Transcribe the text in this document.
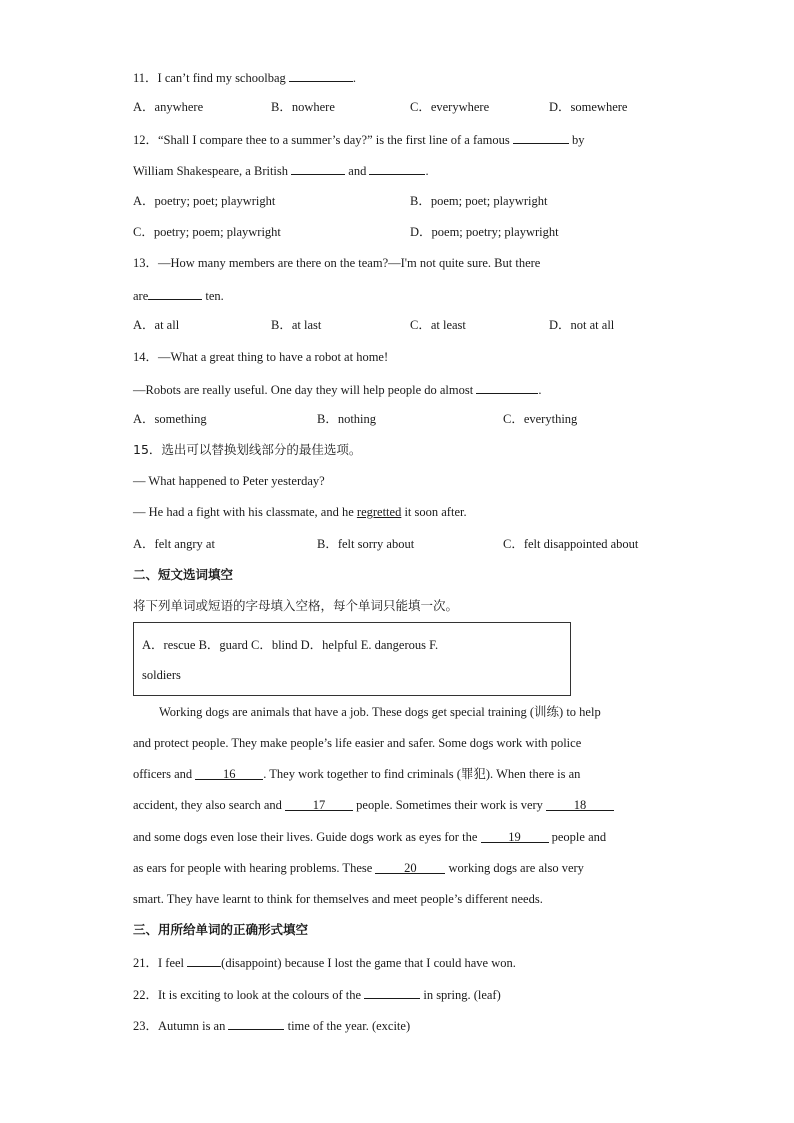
11．I can’t find my schoolbag	.
A．anywhere	B．nowhere	C．everywhere	D．somewhere
12．“Shall I compare thee to a summer’s day?” is the first line of a famous	by
William Shakespeare, a British	and	.
A．poetry; poet; playwright	B．poem; poet; playwright
C．poetry; poem; playwright	D．poem; poetry; playwright
13．—How many members are there on the team?—I'm not quite sure. But there
are	ten.
A．at all	B．at last	C．at least	D．not at all
14．—What a great thing to have a robot at home!
—Robots are really useful. One day they will help people do almost	.
A．something	B．nothing	C．everything
15．选出可以替换划线部分的最佳选项。
— What happened to Peter yesterday?
— He had a fight with his classmate, and he regretted it soon after.
A．felt angry at	B．felt sorry about	C．felt disappointed about
二、短文选词填空
将下列单词或短语的字母填入空格，每个单词只能填一次。
A．rescue B．guard C．blind D．helpful E. dangerous F.
soldiers
Working dogs are animals that have a job. These dogs get special training (训练) to help
and protect people. They make people’s life easier and safer. Some dogs work with police
officers and 16 . They work together to find criminals (罪犯). When there is an
accident, they also search and 17 people. Sometimes their work is very 18
and some dogs even lose their lives. Guide dogs work as eyes for the 19 people and
as ears for people with hearing problems. These 20 working dogs are also very
smart. They have learnt to think for themselves and meet people’s different needs.
三、用所给单词的正确形式填空
21．I feel	(disappoint) because I lost the game that I could have won.
22．It is exciting to look at the colours of the	in spring. (leaf)
23．Autumn is an	time of the year. (excite)
